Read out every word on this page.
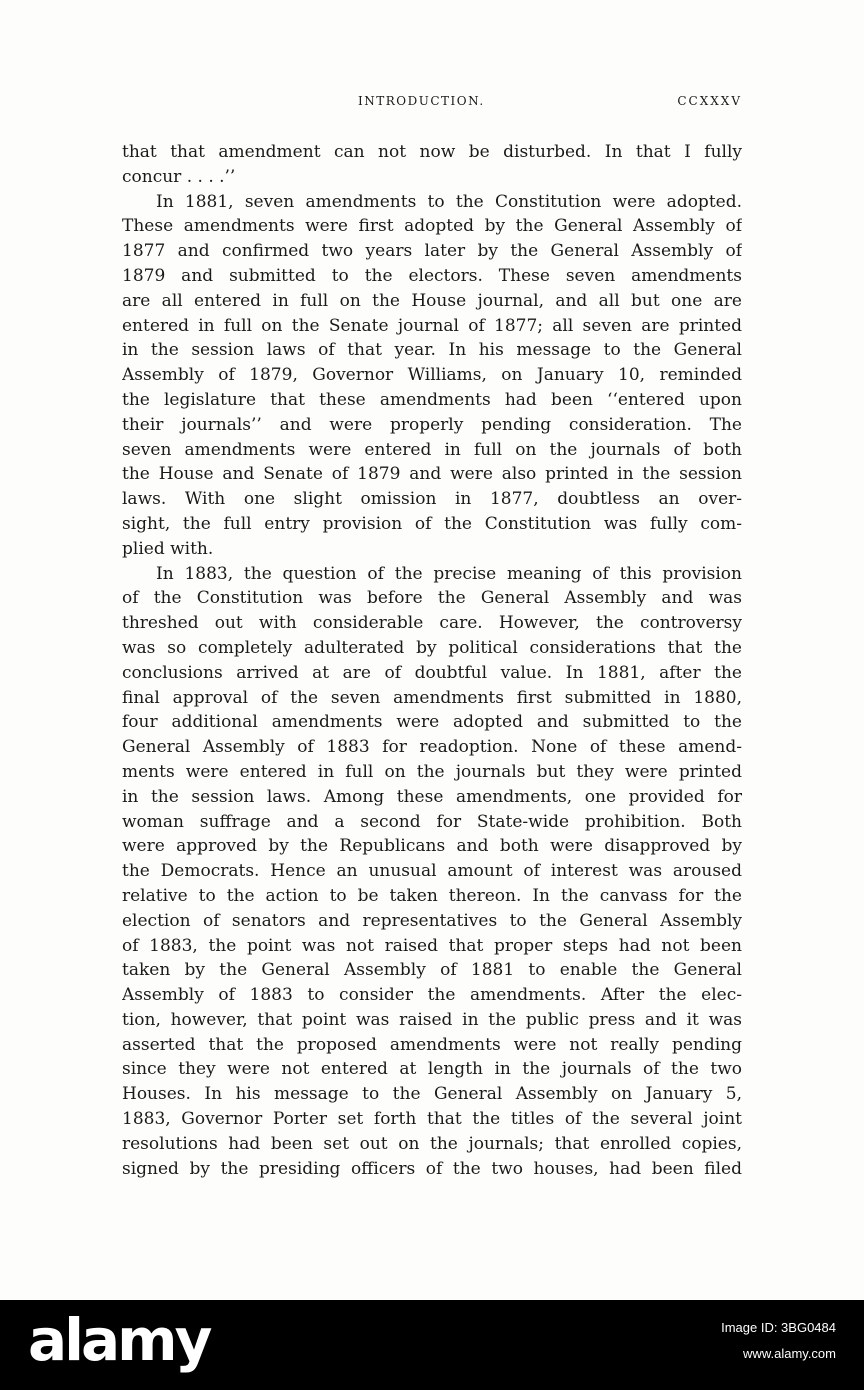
INTRODUCTION.	CCXXXV
that that amendment can not now be disturbed. In that I fully
concur . . . .’’
In 1881, seven amendments to the Constitution were adopted.
These amendments were first adopted by the General Assembly of
1877 and confirmed two years later by the General Assembly of
1879 and submitted to the electors. These seven amendments
are all entered in full on the House journal, and all but one are
entered in full on the Senate journal of 1877; all seven are printed
in the session laws of that year. In his message to the General
Assembly of 1879, Governor Williams, on January 10, reminded
the legislature that these amendments had been ‘‘entered upon
their journals’’ and were properly pending consideration. The
seven amendments were entered in full on the journals of both
the House and Senate of 1879 and were also printed in the session
laws. With one slight omission in 1877, doubtless an over-
sight, the full entry provision of the Constitution was fully com-
plied with.
In 1883, the question of the precise meaning of this provision
of the Constitution was before the General Assembly and was
threshed out with considerable care. However, the controversy
was so completely adulterated by political considerations that the
conclusions arrived at are of doubtful value. In 1881, after the
final approval of the seven amendments first submitted in 1880,
four additional amendments were adopted and submitted to the
General Assembly of 1883 for readoption. None of these amend-
ments were entered in full on the journals but they were printed
in the session laws. Among these amendments, one provided for
woman suffrage and a second for State-wide prohibition. Both
were approved by the Republicans and both were disapproved by
the Democrats. Hence an unusual amount of interest was aroused
relative to the action to be taken thereon. In the canvass for the
election of senators and representatives to the General Assembly
of 1883, the point was not raised that proper steps had not been
taken by the General Assembly of 1881 to enable the General
Assembly of 1883 to consider the amendments. After the elec-
tion, however, that point was raised in the public press and it was
asserted that the proposed amendments were not really pending
since they were not entered at length in the journals of the two
Houses. In his message to the General Assembly on January 5,
1883, Governor Porter set forth that the titles of the several joint
resolutions had been set out on the journals; that enrolled copies,
signed by the presiding officers of the two houses, had been filed
alamy	Image ID: 3BG0484
www.alamy.com
